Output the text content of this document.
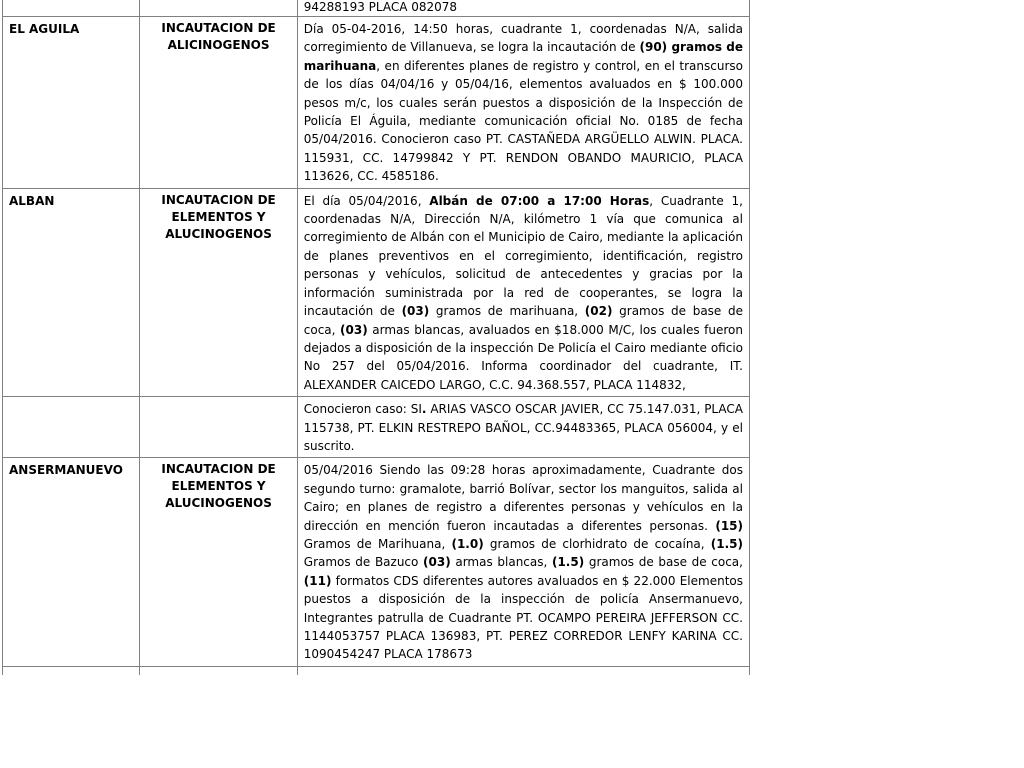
		94288193 PLACA 082078
EL AGUILA	INCAUTACION DE ALICINOGENOS	Día 05-04-2016, 14:50 horas, cuadrante 1, coordenadas N/A, salida corregimiento de Villanueva, se logra la incautación de (90) gramos de marihuana, en diferentes planes de registro y control, en el transcurso de los días 04/04/16 y 05/04/16, elementos avaluados en $ 100.000 pesos m/c, los cuales serán puestos a disposición de la Inspección de Policía El Águila, mediante comunicación oficial No. 0185 de fecha 05/04/2016. Conocieron caso PT. CASTAÑEDA ARGÜELLO ALWIN. PLACA. 115931, CC. 14799842 Y PT. RENDON OBANDO MAURICIO, PLACA 113626, CC. 4585186.
ALBAN	INCAUTACION DE ELEMENTOS Y ALUCINOGENOS	El día 05/04/2016, Albán de 07:00 a 17:00 Horas, Cuadrante 1, coordenadas N/A, Dirección N/A, kilómetro 1 vía que comunica al corregimiento de Albán con el Municipio de Cairo, mediante la aplicación de planes preventivos en el corregimiento, identificación, registro personas y vehículos, solicitud de antecedentes y gracias por la información suministrada por la red de cooperantes, se logra la incautación de (03) gramos de marihuana, (02) gramos de base de coca, (03) armas blancas, avaluados en $18.000 M/C, los cuales fueron dejados a disposición de la inspección De Policía el Cairo mediante oficio No 257 del 05/04/2016. Informa coordinador del cuadrante, IT. ALEXANDER CAICEDO LARGO, C.C. 94.368.557, PLACA 114832,
		Conocieron caso: SI. ARIAS VASCO OSCAR JAVIER, CC 75.147.031, PLACA 115738, PT. ELKIN RESTREPO BAÑOL, CC.94483365, PLACA 056004, y el suscrito.
ANSERMANUEVO	INCAUTACION DE ELEMENTOS Y ALUCINOGENOS	05/04/2016 Siendo las 09:28 horas aproximadamente, Cuadrante dos segundo turno: gramalote, barrió Bolívar, sector los manguitos, salida al Cairo; en planes de registro a diferentes personas y vehículos en la dirección en mención fueron incautadas a diferentes personas. (15) Gramos de Marihuana, (1.0) gramos de clorhidrato de cocaína, (1.5) Gramos de Bazuco (03) armas blancas, (1.5) gramos de base de coca, (11) formatos CDS diferentes autores avaluados en $ 22.000 Elementos puestos a disposición de la inspección de policía Ansermanuevo, Integrantes patrulla de Cuadrante PT. OCAMPO PEREIRA JEFFERSON CC. 1144053757 PLACA 136983, PT. PEREZ CORREDOR LENFY KARINA CC. 1090454247 PLACA 178673
